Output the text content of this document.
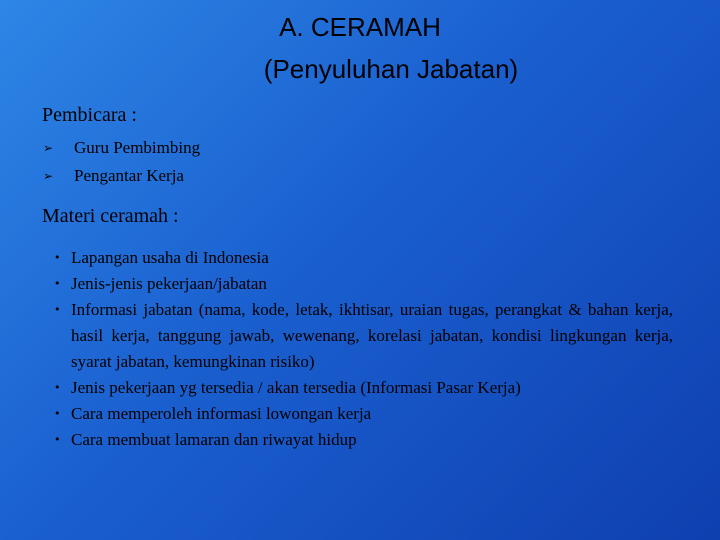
A. CERAMAH
(Penyuluhan Jabatan)
Pembicara :
➢ Guru Pembimbing
➢ Pengantar Kerja
Materi ceramah :
• Lapangan usaha di Indonesia
• Jenis-jenis pekerjaan/jabatan
• Informasi jabatan (nama, kode, letak, ikhtisar, uraian tugas, perangkat & bahan kerja, hasil kerja, tanggung jawab, wewenang, korelasi jabatan, kondisi lingkungan kerja, syarat jabatan, kemungkinan risiko)
• Jenis pekerjaan yg tersedia / akan tersedia (Informasi Pasar Kerja)
• Cara memperoleh informasi lowongan kerja
• Cara membuat lamaran dan riwayat hidup
